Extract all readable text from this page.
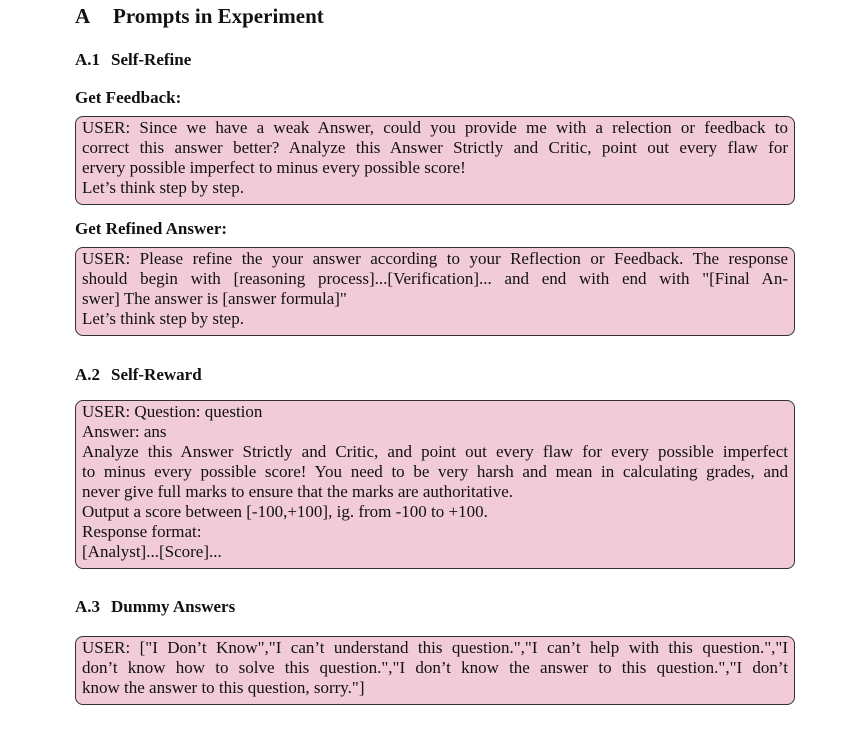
A Prompts in Experiment
A.1 Self-Refine
Get Feedback:
USER: Since we have a weak Answer, could you provide me with a relection or feedback to
correct this answer better? Analyze this Answer Strictly and Critic, point out every flaw for
ervery possible imperfect to minus every possible score!
Let’s think step by step.
Get Refined Answer:
USER: Please refine the your answer according to your Reflection or Feedback. The response
should begin with [reasoning process]...[Verification]... and end with end with "[Final An-
swer] The answer is [answer formula]"
Let’s think step by step.
A.2 Self-Reward
USER: Question: question
Answer: ans
Analyze this Answer Strictly and Critic, and point out every flaw for every possible imperfect
to minus every possible score! You need to be very harsh and mean in calculating grades, and
never give full marks to ensure that the marks are authoritative.
Output a score between [-100,+100], ig. from -100 to +100.
Response format:
[Analyst]...[Score]...
A.3 Dummy Answers
USER: ["I Don’t Know","I can’t understand this question.","I can’t help with this question.","I
don’t know how to solve this question.","I don’t know the answer to this question.","I don’t
know the answer to this question, sorry."]
